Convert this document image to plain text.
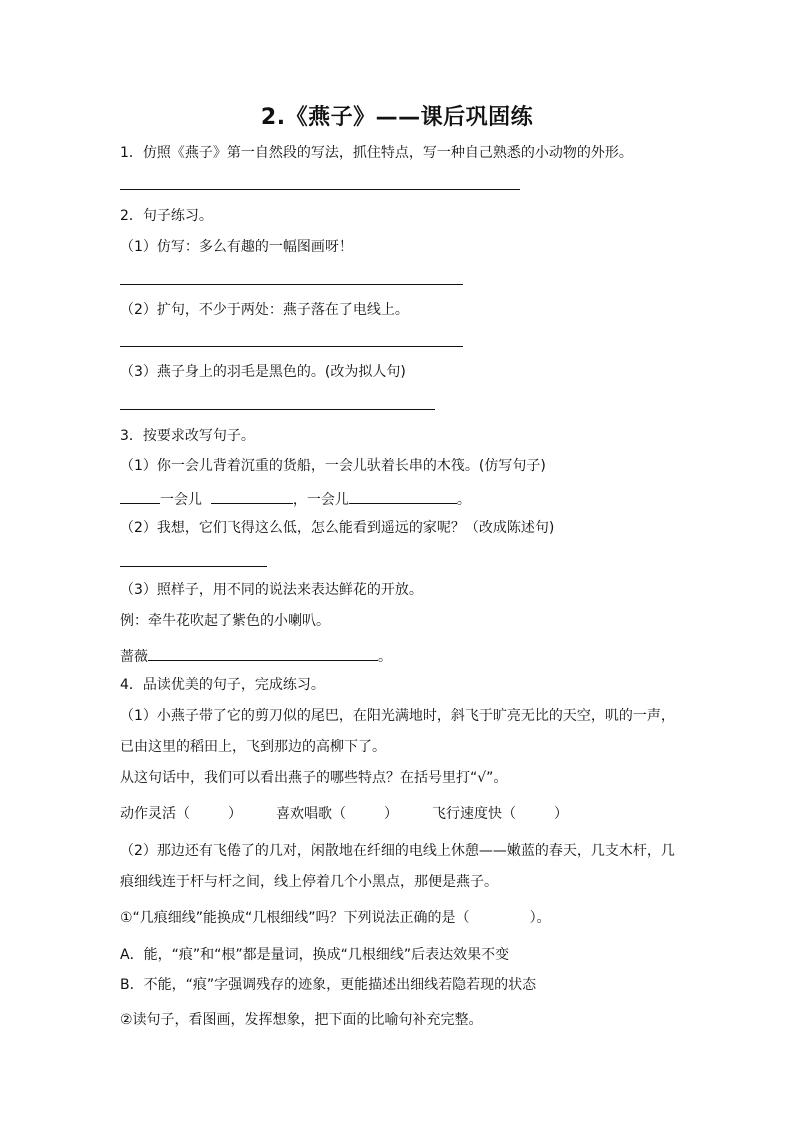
2.《燕子》——课后巩固练
1．仿照《燕子》第一自然段的写法，抓住特点，写一种自己熟悉的小动物的外形。
2．句子练习。
（1）仿写：多么有趣的一幅图画呀！
（2）扩句，不少于两处：燕子落在了电线上。
（3）燕子身上的羽毛是黑色的。(改为拟人句)
3．按要求改写句子。
（1）你一会儿背着沉重的货船，一会儿驮着长串的木筏。(仿写句子)
一会儿	，一会儿	。
（2）我想，它们飞得这么低，怎么能看到遥远的家呢？（改成陈述句)
（3）照样子，用不同的说法来表达鲜花的开放。
例：牵牛花吹起了紫色的小喇叭。
蔷薇	。
4．品读优美的句子，完成练习。
（1）小燕子带了它的剪刀似的尾巴，在阳光满地时，斜飞于旷亮无比的天空，叽的一声，
已由这里的稻田上，飞到那边的高柳下了。
从这句话中，我们可以看出燕子的哪些特点？在括号里打“√”。
动作灵活（	） 喜欢唱歌（	） 飞行速度快（	）
（2）那边还有飞倦了的几对，闲散地在纤细的电线上休憩——嫩蓝的春天，几支木杆，几
痕细线连于杆与杆之间，线上停着几个小黑点，那便是燕子。
①“几痕细线”能换成“几根细线”吗？下列说法正确的是（	）。
A．能，“痕”和“根”都是量词，换成“几根细线”后表达效果不变
B．不能，“痕”字强调残存的迹象，更能描述出细线若隐若现的状态
②读句子，看图画，发挥想象，把下面的比喻句补充完整。
